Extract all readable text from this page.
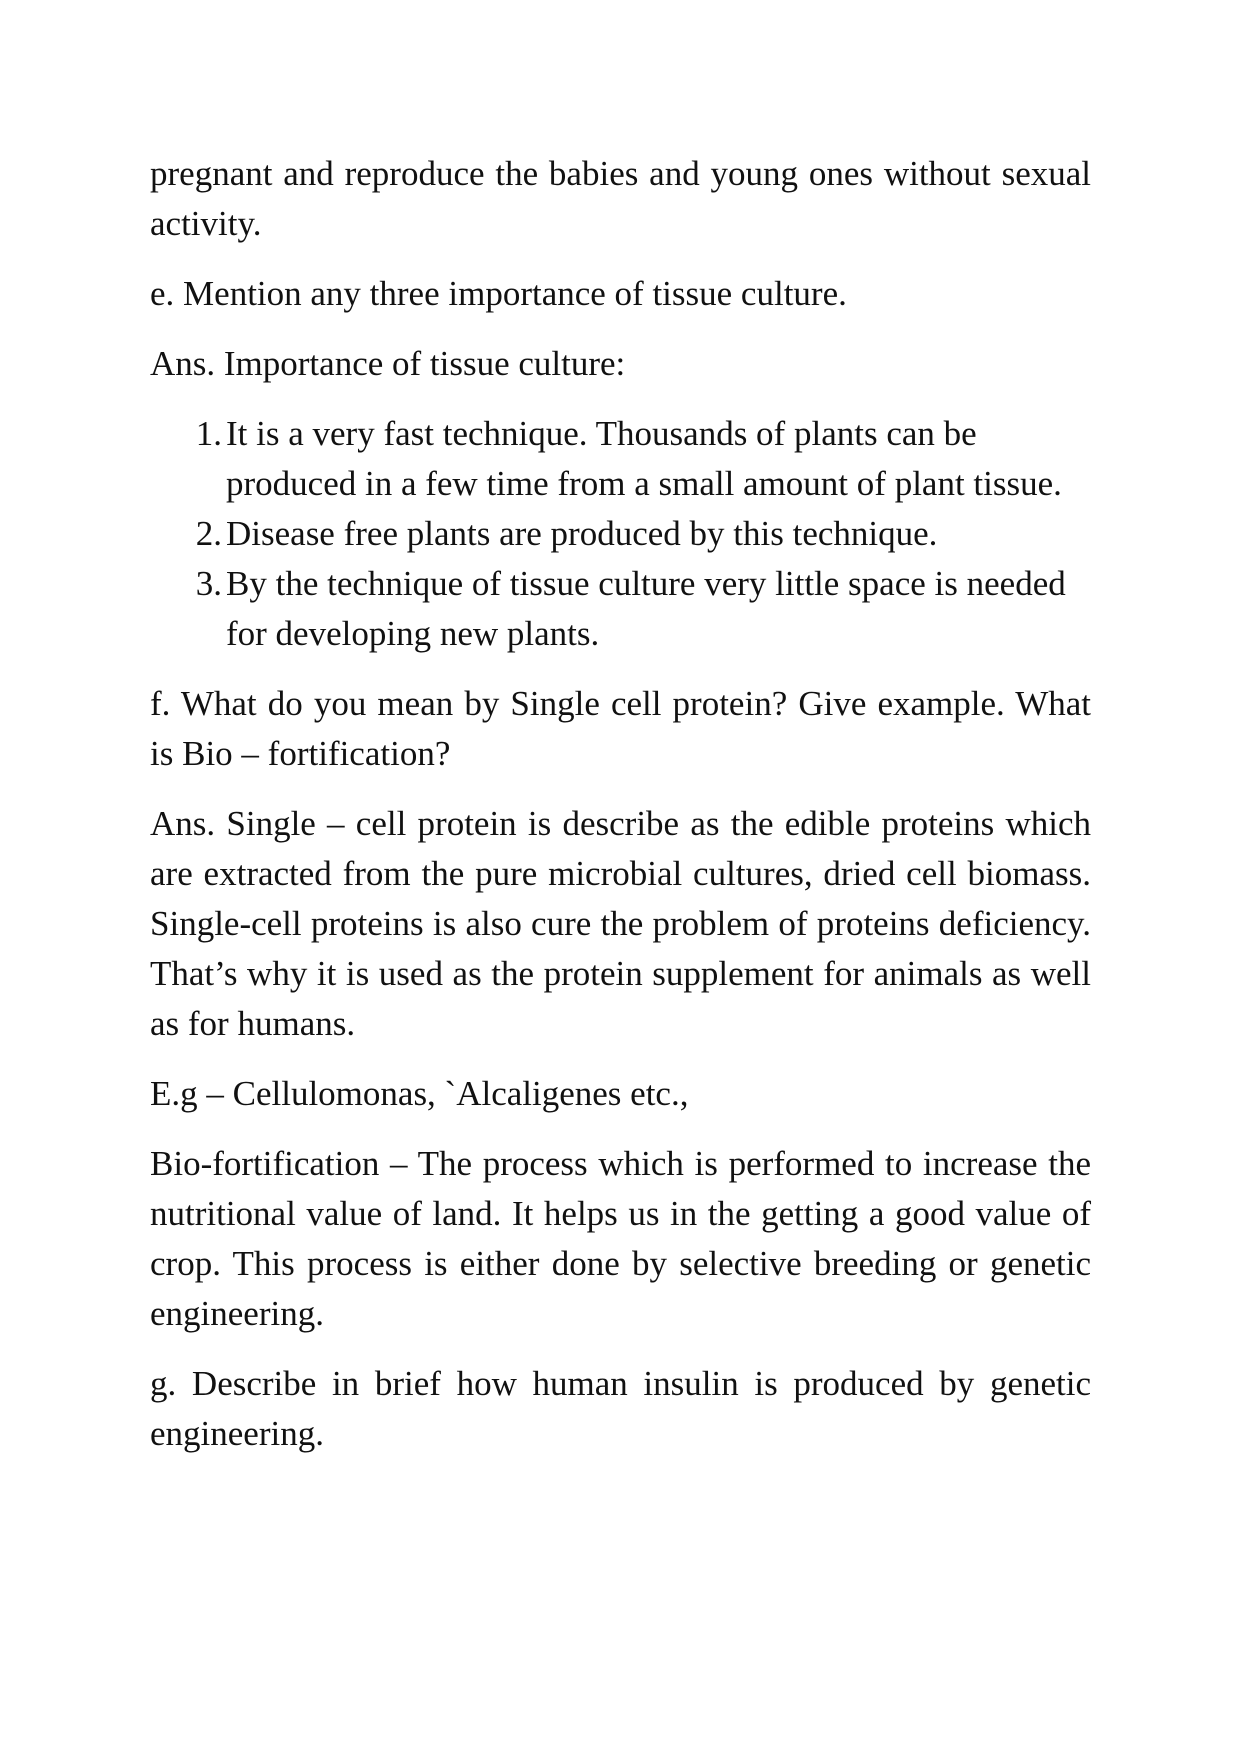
pregnant and reproduce the babies and young ones without sexual activity.

e. Mention any three importance of tissue culture.

Ans. Importance of tissue culture:

1. It is a very fast technique. Thousands of plants can be produced in a few time from a small amount of plant tissue.
2. Disease free plants are produced by this technique.
3. By the technique of tissue culture very little space is needed for developing new plants.

f. What do you mean by Single cell protein? Give example. What is Bio – fortification?

Ans. Single – cell protein is describe as the edible proteins which are extracted from the pure microbial cultures, dried cell biomass. Single-cell proteins is also cure the problem of proteins deficiency. That’s why it is used as the protein supplement for animals as well as for humans.

E.g – Cellulomonas, `Alcaligenes etc.,

Bio-fortification – The process which is performed to increase the nutritional value of land. It helps us in the getting a good value of crop. This process is either done by selective breeding or genetic engineering.

g. Describe in brief how human insulin is produced by genetic engineering.
